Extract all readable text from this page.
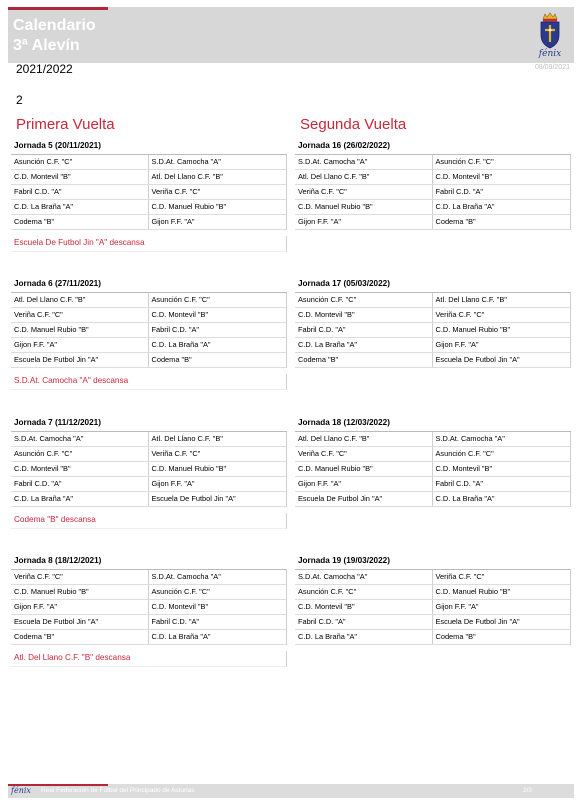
Calendario
3ª Alevín	fénix
2021/2022	08/09/2021
2
Primera Vuelta	Segunda Vuelta
Jornada 5 (20/11/2021)
Asunción C.F. "C"	S.D.At. Camocha "A"
C.D. Montevil "B"	Atl. Del Llano C.F. "B"
Fabril C.D. "A"	Veriña C.F. "C"
C.D. La Braña "A"	C.D. Manuel Rubio "B"
Codema "B"	Gijon F.F. "A"
Escuela De Futbol Jin "A" descansa
Jornada 16 (26/02/2022)
S.D.At. Camocha "A"	Asunción C.F. "C"
Atl. Del Llano C.F. "B"	C.D. Montevil "B"
Veriña C.F. "C"	Fabril C.D. "A"
C.D. Manuel Rubio "B"	C.D. La Braña "A"
Gijon F.F. "A"	Codema "B"
Jornada 6 (27/11/2021)
Atl. Del Llano C.F. "B"	Asunción C.F. "C"
Veriña C.F. "C"	C.D. Montevil "B"
C.D. Manuel Rubio "B"	Fabril C.D. "A"
Gijon F.F. "A"	C.D. La Braña "A"
Escuela De Futbol Jin "A"	Codema "B"
S.D.At. Camocha "A" descansa
Jornada 17 (05/03/2022)
Asunción C.F. "C"	Atl. Del Llano C.F. "B"
C.D. Montevil "B"	Veriña C.F. "C"
Fabril C.D. "A"	C.D. Manuel Rubio "B"
C.D. La Braña "A"	Gijon F.F. "A"
Codema "B"	Escuela De Futbol Jin "A"
Jornada 7 (11/12/2021)
S.D.At. Camocha "A"	Atl. Del Llano C.F. "B"
Asunción C.F. "C"	Veriña C.F. "C"
C.D. Montevil "B"	C.D. Manuel Rubio "B"
Fabril C.D. "A"	Gijon F.F. "A"
C.D. La Braña "A"	Escuela De Futbol Jin "A"
Codema "B" descansa
Jornada 18 (12/03/2022)
Atl. Del Llano C.F. "B"	S.D.At. Camocha "A"
Veriña C.F. "C"	Asunción C.F. "C"
C.D. Manuel Rubio "B"	C.D. Montevil "B"
Gijon F.F. "A"	Fabril C.D. "A"
Escuela De Futbol Jin "A"	C.D. La Braña "A"
Jornada 8 (18/12/2021)
Veriña C.F. "C"	S.D.At. Camocha "A"
C.D. Manuel Rubio "B"	Asunción C.F. "C"
Gijon F.F. "A"	C.D. Montevil "B"
Escuela De Futbol Jin "A"	Fabril C.D. "A"
Codema "B"	C.D. La Braña "A"
Atl. Del Llano C.F. "B" descansa
Jornada 19 (19/03/2022)
S.D.At. Camocha "A"	Veriña C.F. "C"
Asunción C.F. "C"	C.D. Manuel Rubio "B"
C.D. Montevil "B"	Gijon F.F. "A"
Fabril C.D. "A"	Escuela De Futbol Jin "A"
C.D. La Braña "A"	Codema "B"
fénix Real Federación de Fútbol del Principado de Asturias	2/3
